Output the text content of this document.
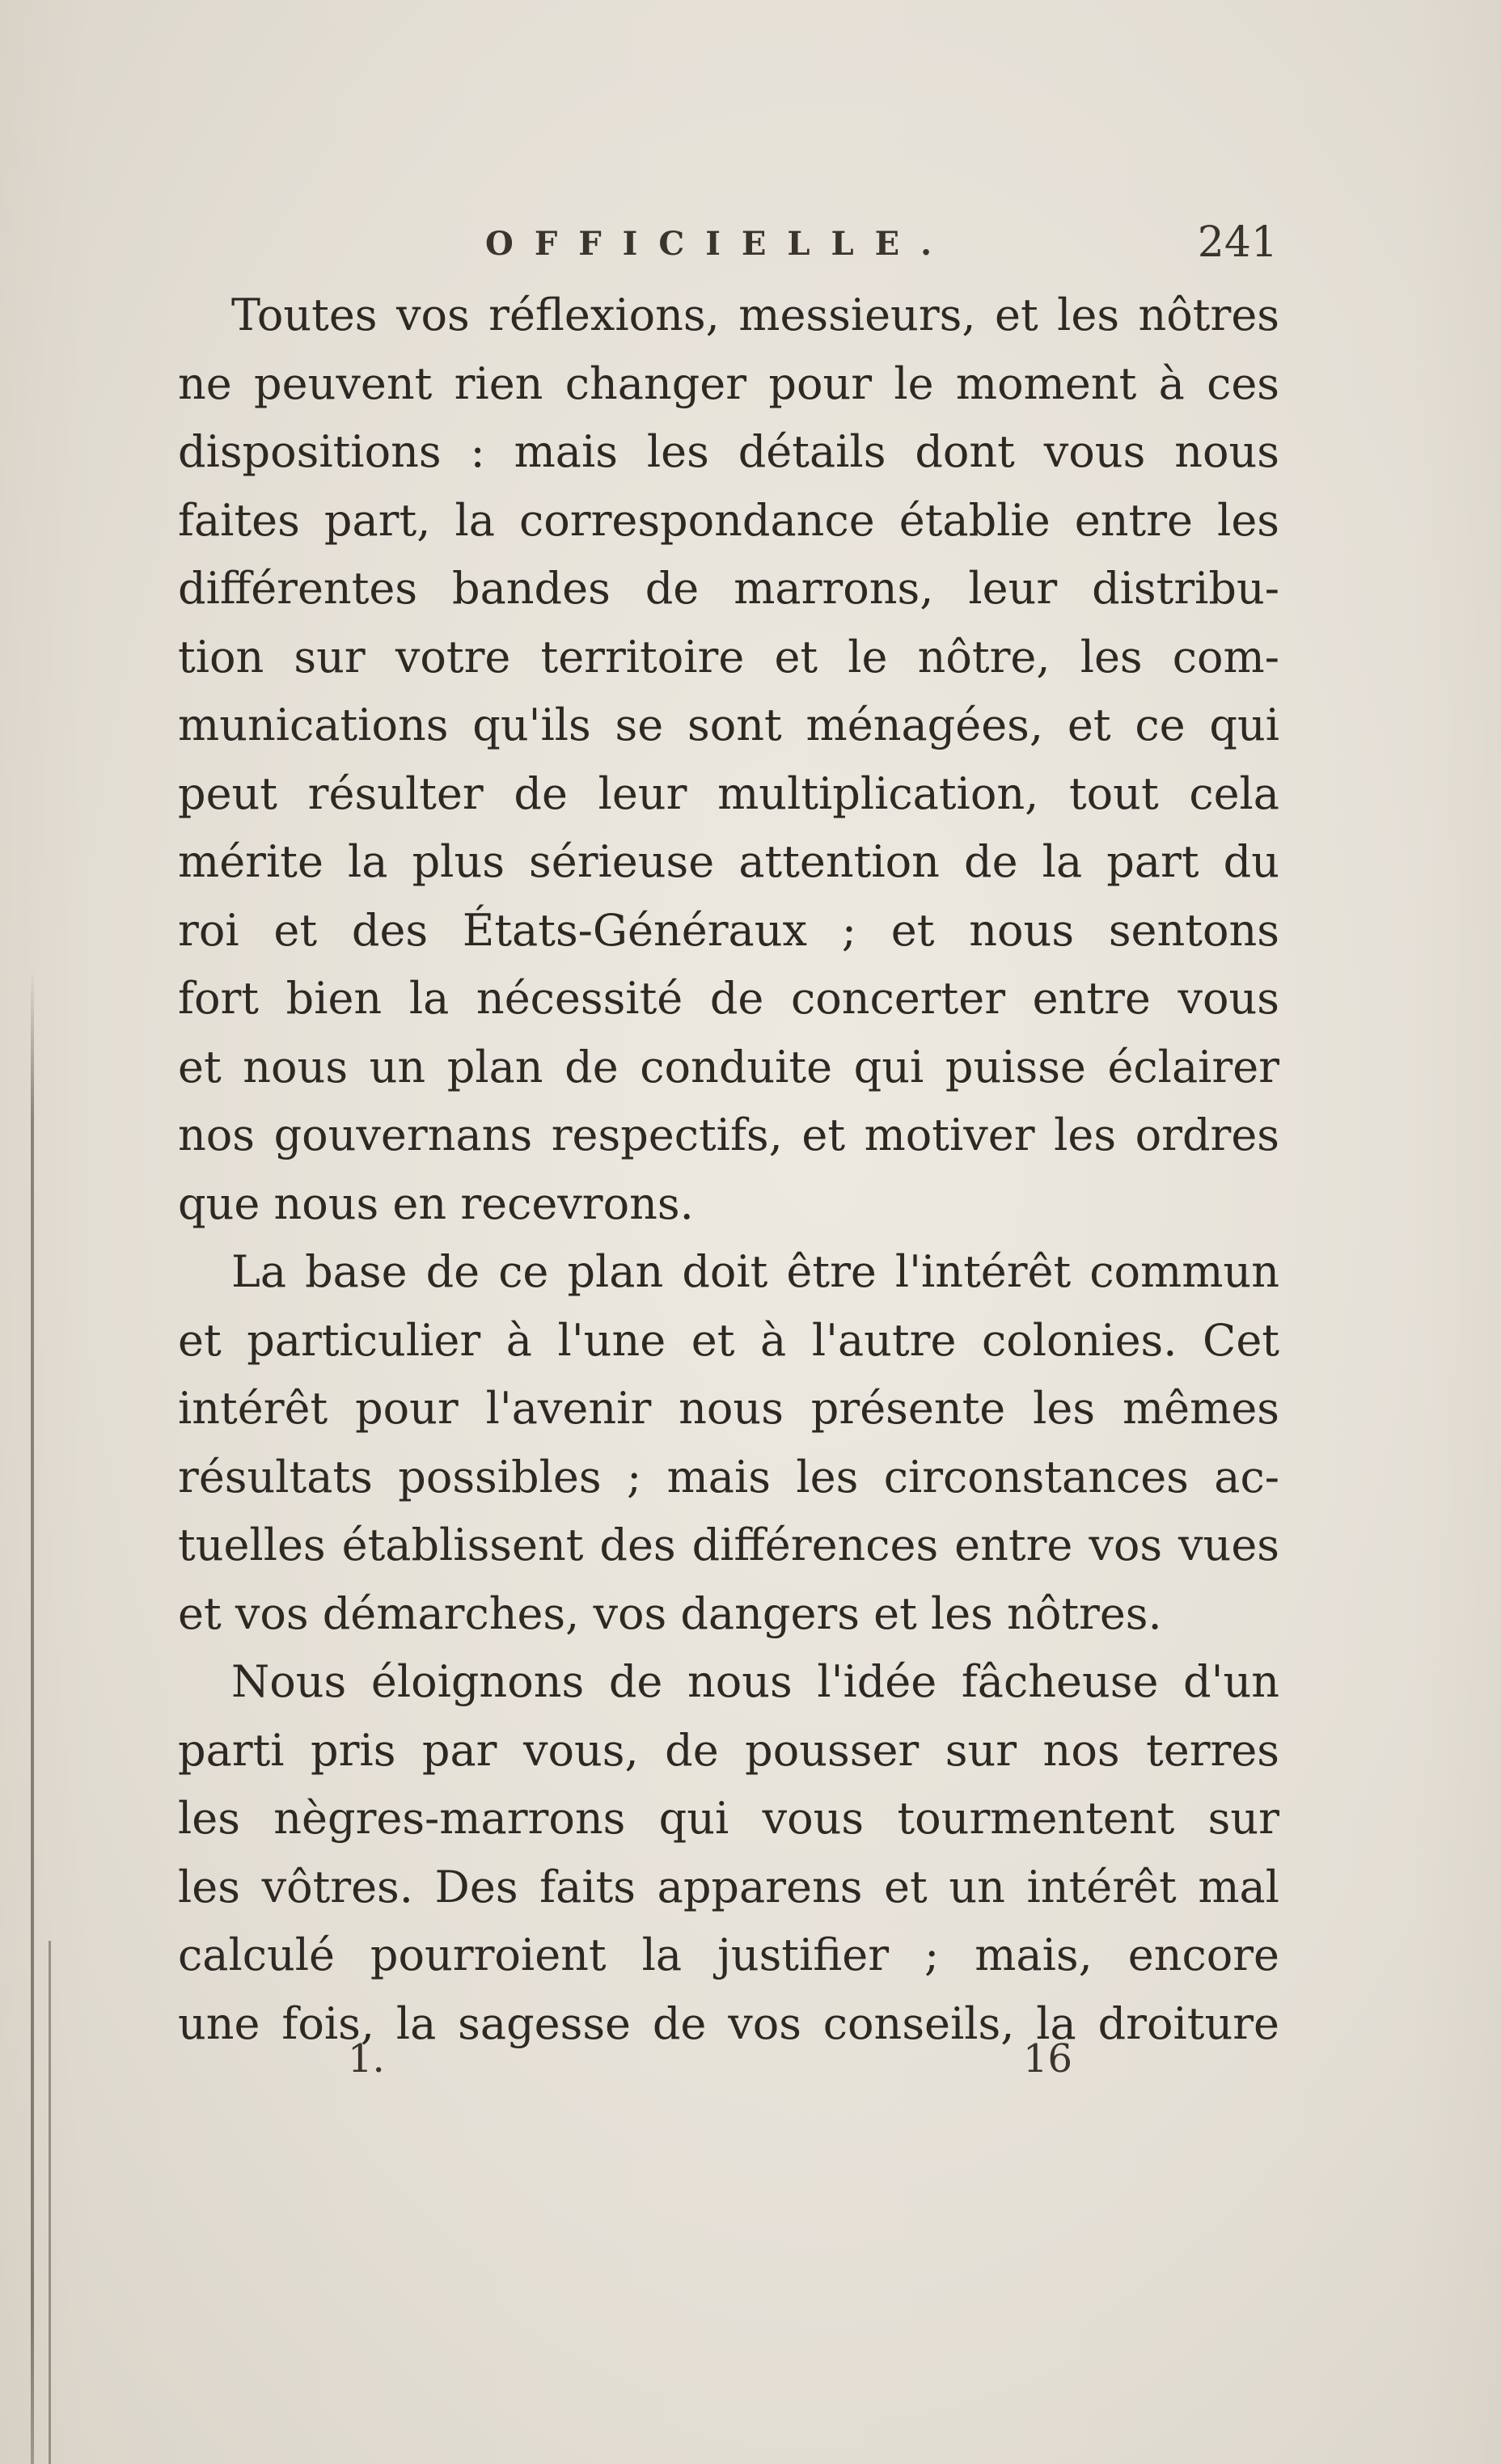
OFFICIELLE.	241
Toutes vos réflexions, messieurs, et les nôtres
ne peuvent rien changer pour le moment à ces
dispositions : mais les détails dont vous nous
faites part, la correspondance établie entre les
différentes bandes de marrons, leur distribu-
tion sur votre territoire et le nôtre, les com-
munications qu'ils se sont ménagées, et ce qui
peut résulter de leur multiplication, tout cela
mérite la plus sérieuse attention de la part du
roi et des États-Généraux ; et nous sentons
fort bien la nécessité de concerter entre vous
et nous un plan de conduite qui puisse éclairer
nos gouvernans respectifs, et motiver les ordres
que nous en recevrons.
La base de ce plan doit être l'intérêt commun
et particulier à l'une et à l'autre colonies. Cet
intérêt pour l'avenir nous présente les mêmes
résultats possibles ; mais les circonstances ac-
tuelles établissent des différences entre vos vues
et vos démarches, vos dangers et les nôtres.
Nous éloignons de nous l'idée fâcheuse d'un
parti pris par vous, de pousser sur nos terres
les nègres-marrons qui vous tourmentent sur
les vôtres. Des faits apparens et un intérêt mal
calculé pourroient la justifier ; mais, encore
une fois, la sagesse de vos conseils, la droiture
1.	16
